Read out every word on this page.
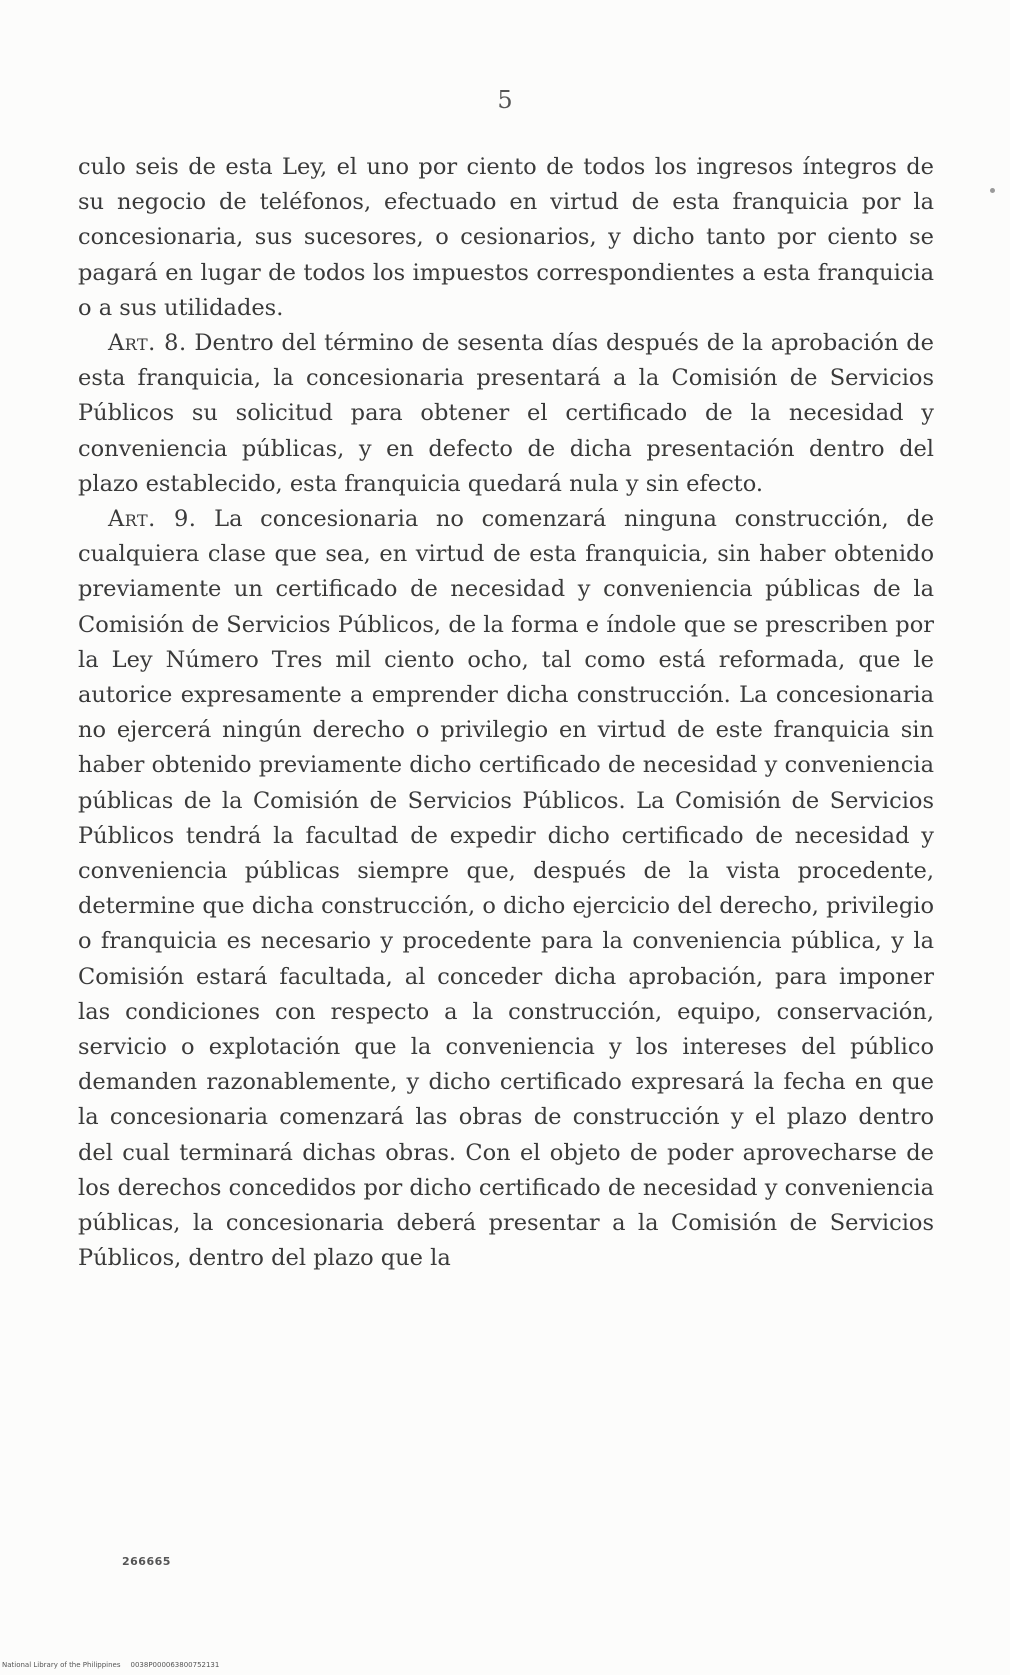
5

culo seis de esta Ley, el uno por ciento de todos los ingresos íntegros de su negocio de teléfonos, efectuado en virtud de esta franquicia por la concesionaria, sus sucesores, o cesionarios, y dicho tanto por ciento se pagará en lugar de todos los impuestos correspondientes a esta franquicia o a sus utilidades.

Art. 8. Dentro del término de sesenta días después de la aprobación de esta franquicia, la concesionaria presentará a la Comisión de Servicios Públicos su solicitud para obtener el certificado de la necesidad y conveniencia públicas, y en defecto de dicha presentación dentro del plazo establecido, esta franquicia quedará nula y sin efecto.

Art. 9. La concesionaria no comenzará ninguna construcción, de cualquiera clase que sea, en virtud de esta franquicia, sin haber obtenido previamente un certificado de necesidad y conveniencia públicas de la Comisión de Servicios Públicos, de la forma e índole que se prescriben por la Ley Número Tres mil ciento ocho, tal como está reformada, que le autorice expresamente a emprender dicha construcción. La concesionaria no ejercerá ningún derecho o privilegio en virtud de este franquicia sin haber obtenido previamente dicho certificado de necesidad y conveniencia públicas de la Comisión de Servicios Públicos. La Comisión de Servicios Públicos tendrá la facultad de expedir dicho certificado de necesidad y conveniencia públicas siempre que, después de la vista procedente, determine que dicha construcción, o dicho ejercicio del derecho, privilegio o franquicia es necesario y procedente para la conveniencia pública, y la Comisión estará facultada, al conceder dicha aprobación, para imponer las condiciones con respecto a la construcción, equipo, conservación, servicio o explotación que la conveniencia y los intereses del público demanden razonablemente, y dicho certificado expresará la fecha en que la concesionaria comenzará las obras de construcción y el plazo dentro del cual terminará dichas obras. Con el objeto de poder aprovecharse de los derechos concedidos por dicho certificado de necesidad y conveniencia públicas, la concesionaria deberá presentar a la Comisión de Servicios Públicos, dentro del plazo que la

266665
National Library of the Philippines 0038P000063800752131
